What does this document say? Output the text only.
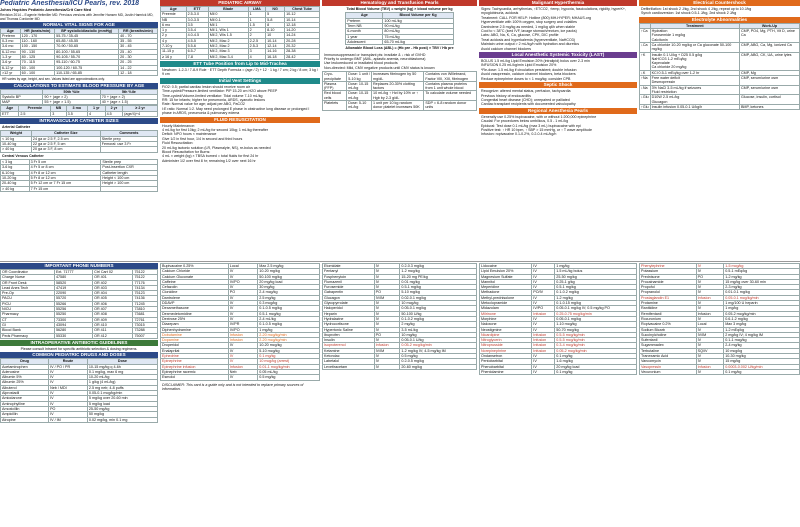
Pediatric Anesthesia/ICU Pearls, rev. 2018
Johns Hopkins Pediatric Anesthesia/Crit Care Med
Revision 2014 – Eugenie Heitmiller MD. Previous versions with Jennifer Hansen MD, Justin Hamrick MD, and Thomas Cordonier MD
NORMAL VITAL SIGNS FOR AGE
Age	HR (beats/min)	BP systolic/diastolic (mmHg)	RR (breaths/min)
Preterm	120 - 170	55-75 / 35-45	40 - 70
0-3 mo	110 - 160	65-85 / 45-55	35 - 55
3-6 mo	100 - 150	70-90 / 50-65	30 - 45
6-12 mo	90 - 130	80-100 / 55-65	25 - 40
1-3 yr	80 - 125	90-105 / 55-70	20 - 30
3-6 yr	70 - 115	95-110 / 60-75	20 - 25
6-12 yr	60 - 100	100-120 / 60-75	14 - 22
>12 yr	60 - 100	110-135 / 65-85	12 - 18
HR varies by age, height, and sex. Values listed are approximations only.
CALCULATIONS TO ESTIMATE BLOOD PRESSURE BY AGE
	50th %ile	5th %ile
Systolic BP	90 + (age × 2)	70 + (age × 2)
MAP	55 + (age × 1.5)	40 + (age × 1.5)
Age	Preemie	NB	3 mo	1 yr	2 yr	≥ 2 yr
ETT	2.5	3	3.5	4	4.5	(age/4)+4
INTRAVASCULAR CATHETER SIZES
Arterial Catheter
Weight	Catheter Size	Comments
< 10 kg	24 ga or 2.5 F, 2.5 cm	Sterile prep
10-40 kg	22 ga or 2.5 F, 5 cm	Femoral: use 3 Fr
> 40 kg	20 ga or 3 F, 8 cm	
Central Venous Catheter
< 3 kg	3 Fr 5 cm	Sterile prep
3-6 kg	4 Fr 5 or 8 cm	Post-insertion CXR
6-10 kg	4 Fr 8 or 12 cm	Catheter length
10-20 kg	5 Fr 8 or 12 cm	Height < 100 cm
20-40 kg	5 Fr 12 cm or 7 Fr 15 cm	Height > 100 cm
> 40 kg	7 Fr 15 cm	
PEDIATRIC AIRWAY
Age	ETT	Blade	LMA	NG	Chest Tube
Preemie	2.5-3.0	Mil 0	1	5	10-12
NB	3.0-3.5	Mil 0-1	1	5-8	10-14
6 mo	3.5	Mil 1	1.5	8	12-18
1 y	3.5-4	Mil 1, Wis 1	2	8-10	14-20
2 y	4.0-4.5	Mil 2, Wis 1.5	2	10	14-24
4 y	4.5-5	Mil 2, Mac 2	2-2.5	10-14	20-28
7-10 y	5.5-6	Mil 2, Mac 2	2.5-3	12-14	20-32
11-15 y	6.5-7	Mil 2, Mac 3	3	14-16	28-38
≥ 16 y	7-8	Mil 2, Mac 3-4	4	16-18	28-42
ETT Tube Position from Lip to Mid-Trachea
Newborn: 1-2-3 / 7-8-9 Rule · ETT Depth Formula = (age / 2) + 12 · 1 kg / 7 cm; 2 kg / 8 cm; 3 kg / 9 cm
Initial Vent Settings
FiO2: 0.5; partial cardiac lesion should receive room air
Time-cycled/Pressure-limited ventilator: PIP 15-20 cm H2O above PEEP
Time-cycled/Volume-limited ventilator: Tidal volume 7-10 mL/kg
RR: 15 for infants; higher for pneumonia, ARDS, cyanotic lesions
Rate: Normal value for age; adjust per ABG, PaCO2
I:E ratio: Normal 1:2. May need prolonged E phase in obstructive lung disease or prolonged I phase in ARDS, pneumonia & pulmonary edema
FLUID RESUSCITATION
Hourly Maintenance:
4 mL/kg for first 10kg; 2 mL/kg for second 10kg; 1 mL/kg thereafter
Deficit: NPO hours × maintenance
Give 1/2 in first hour, 1/4 in second and third hours
Fluid Resuscitation:
20 mL/kg isotonic solution (LR, Plasmalyte, NS), re-bolus as needed
Blood Resuscitation for Burns:
4 mL × weight (kg) × TBSA burned = total fluids for first 24 hr
Administer 1/2 over first 8 hr; remaining 1/2 over next 16 hr
Hematology and Transfusion Pearls
Total Blood Volume (TBV) = weight (kg) × blood volume per kg
Age	Blood Volume per Kg
Preterm	100 mL/kg
Term NB	90 mL/kg
6-month	80 mL/kg
1 year	75 mL/kg
Adolescent	65-70 mL/kg
Allowable Blood Loss (ABL) = (Hb pre - Hb post) × TBV / Hb pre
Immunosuppressed or transplant pts: irradiate & ↓ risk of GVHD
Priority to undergo BMT (AML, aplastic anemia, neuroblastoma)
Use leukoreduced or irradiated blood products
Non-directed: Mild, CMV negative products until CMV status is known
Cryo-precipitate	Dose: 1 unit / 5-10 kg	Increases fibrinogen by 50 mg/dL	Contains von Willebrand, Factor VIII, XIII, fibrinogen
Plasma (FFP)	Dose: 10-15 mL/kg	Replaces 20-30% clotting factors	Contains plasma proteins from 1 unit whole blood
Red blood cells	Dose: 10-15 mL/kg	10 mL/kg ↑ Hct by 10% or ↑ Hgb by 2-3 g/dL	To calculate volume needed
Platelets	Dose: 5-10 mL/kg	1 unit per 10 kg random donor platelet increases 50K	SDP = 6-8 random donor units
Malignant Hyperthermia
Signs: Tachycardia, arrhythmias, ↑ETCO2, ↑temp, hypoxia, fasciculations, rigidity, hyperK+, myoglobinuria, acidosis
Treatment: CALL FOR HELP: Hotline (800) MH-HYPER; MHAUS.org
Hyperventilate with 100% oxygen, stop surgery and volatiles
Dantrolene 2.5 mg/kg as needed, 1 mg/kg q6h when stable
Cool to < 38°C (iced IVF, lavage stomach/rectum, ice packs)
Labs: ABG, Na, K, Ca, glucose, CPK, DIC profile
Treat acidosis and hyperkalemia (hyperventilate, NaHCO3)
Maintain urine output > 2 mL/kg/h with hydration and diuretics
Avoid calcium channel blockers
Local Anesthetic Systemic Toxicity (LAST)
BOLUS 1.5 mL/kg Lipid Emulsion 20% (intralipid) bolus over 2-3 min
INFUSION 0.25 mL/kg/min Lipid Emulsion 20%
*Re-dose: 1.5 mL/kg if circulation persistent; double infusion
Avoid vasopressin, calcium channel blockers, beta blockers
Reduce epinephrine doses to < 1 mcg/kg; consider CPB
Septic Shock
Recognize: altered mental status, perfusion, tachycardia
Previous history of endocarditis
Congenital heart disease (CHD); unrepaired or palliated
Cardiac transplant recipients with documented valvulopathy
Regional Anesthesia Pearls
Generally use 0.25% bupivacaine, with or without 1:200,000 epinephrine
Caudal: For procedures below umbilicus, 0.5 - 1 mL/kg
Epidural: Test dose 0.1 mL/kg (max 3 mL) bupivacaine with epi
Positive test: ↑ HR 10 bpm, ↑ SBP > 15 mmHg, or ↑ T wave amplitude
Infusion: ropivacaine 0.1-0.2%, 0.2-0.4 mL/kg/h
Electrical Countershock
Defibrillation: 1st shock 2 J/kg, 2nd shock 4 J/kg, repeat up to 10 J/kg
Synch cardioversion: 1st shock 0.5-1 J/kg, 2nd shock 2 J/kg
Electrolyte Abnormalities
	Treatment	Work-Up
↑Ca	Hydration
Furosemide 1 mg/kg
Calcitonin	CMP, PO4, Mg, PTH, Vit D, urine Ca
↓Ca	Ca chloride 10-20 mg/kg or Ca gluconate 50-100 mg/kg	CMP, ABG, Ca, Mg, ionized Ca
↑K	Insulin 0.1 U/kg + D25 0.5 g/kg
NaHCO3 1-2 mEq/kg
Kayexalate
Ca chloride 20 mg/kg	CMP, ABG, CK, UA, urine lytes
↓K	KCl 0.5-1 mEq/kg over 1-2 hr	CMP, Mg
↑Na	Free water deficit
Desmopressin	CMP, serum/urine osm
↓Na	3% NaCl 3-5 mL/kg if seizures
Fluid restriction	CMP, serum/urine osm
↓Glu	D10W 2-5 mL/kg
Glucagon	Glucose, insulin, cortisol
↑Glu	Insulin infusion 0.05-0.1 U/kg/h	BMP, ketones
IMPORTANT PHONE NUMBERS
OR Coordinator	Ext. 71777	Ctrl Cart 02	75122
Charge Nurse	47580	OR 401	75122
OR Front Desk	58520	OR 402	77176
Lead Anes Tech	47419	OR 403	74134
Pre-Op	22090	OR 404	75123
PACU	55720	OR 405	74136
PICU	55266	OR 406	71245
NICU	55256	OR 407	73810
Pharmacy	55250	OR 408	73681
CT	73300	OR 409	72761
GI	43094	OR 410	73015
Blood Bank	56280	OR 411	73288
Peds Pharmacy	55330	OR 412	75007
INTRAOPERATIVE ANTIBIOTIC GUIDELINES
Please consult Intranet for specific antibiotic selection & dosing regimens.
COMMON PEDIATRIC DRUGS AND DOSES
Drug	Route	Dose
Acetaminophen	IV / PO / PR	10-15 mg/kg q 4-6h
Adenosine	IV	0.1 mg/kg, max 6 mg
Albumin 5%	IV	10-20 mL/kg
Albumin 25%	IV	1 g/kg (4 mL/kg)
Albuterol	Neb / MDI	2.5 mg neb; 4-8 puffs
Alprostadil	IV	0.05-0.1 mcg/kg/min
Amiodarone	IV	5 mg/kg over 20-60 min
Aminophylline	IV	5 mg/kg load
Amoxicillin	PO	25-50 mg/kg
Ampicillin	IV	50 mg/kg
Atropine	IV / IM	0.02 mg/kg, min 0.1 mg
Bupivacaine 0.25%	Local	Max 2.5 mg/kg
Calcium Chloride	IV	10-20 mg/kg
Calcium Gluconate	IV	50-100 mg/kg
Caffeine	IV/PO	20 mg/kg load
Cefazolin	IV	30 mg/kg
Clonidine	PO	2-4 mcg/kg
Dantrolene	IV	2.5 mg/kg
DDAVP	IV	0.3 mcg/kg
Dexamethasone	IV	0.1-0.5 mg/kg
Dexmedetomidine	IV	0.5-1 mcg/kg
Dextrose 25%	IV	2-4 mL/kg
Diazepam	IV/PR	0.1-0.5 mg/kg
Diphenhydramine	IV/PO	1 mg/kg
Dobutamine	Infusion	2-20 mcg/kg/min
Dopamine	Infusion	2-20 mcg/kg/min
Droperidol	IV	10-20 mcg/kg
Enalaprilat	IV	5-10 mcg/kg
Ephedrine	IV	0.1 mg/kg
Epinephrine	IV	10 mcg/kg (arrest)
Epinephrine infusion	Infusion	0.01-1 mcg/kg/min
Epinephrine racemic	Neb	0.05 mL/kg
Esmolol	IV	0.5 mg/kg
DISCLAIMER: This card is a guide only and is not intended to replace primary sources of information.
Etomidate	IV	0.2-0.3 mg/kg
Fentanyl	IV	1-2 mcg/kg
Fosphenytoin	IV	15-20 mg PE/kg
Flumazenil	IV	0.01 mg/kg
Furosemide	IV	0.5-1 mg/kg
Gabapentin	PO	5-10 mg/kg
Glucagon	IV/IM	0.02-0.1 mg/kg
Glycopyrrolate	IV	10 mcg/kg
Haloperidol	IV	0.05-0.1 mg/kg
Heparin	IV	50-100 U/kg
Hydralazine	IV	0.1-0.2 mg/kg
Hydrocortisone	IV	2 mg/kg
Hypertonic Saline	IV	3-5 mL/kg
Ibuprofen	PO	10 mg/kg
Insulin	IV	0.05-0.1 U/kg
Isoproterenol	Infusion	0.05-2 mcg/kg/min
Ketamine	IV/IM	1-2 mg/kg IV; 4-5 mg/kg IM
Ketorolac	IV	0.5 mg/kg
Labetalol	IV	0.2-0.5 mg/kg
Levetiracetam	IV	20-60 mg/kg
Lidocaine	IV	1 mg/kg
Lipid Emulsion 20%	IV	1.5 mL/kg bolus
Magnesium Sulfate	IV	25-50 mg/kg
Mannitol	IV	0.25-1 g/kg
Meperidine	IV	0.5-1 mg/kg
Methadone	PO/IV	0.1-0.2 mg/kg
Methyl-prednisolone	IV	1-2 mg/kg
Metoclopramide	IV	0.1-0.15 mg/kg
Midazolam	IV/PO	0.05-0.1 mg/kg IV; 0.5 mg/kg PO
Milrinone	Infusion	0.25-0.75 mcg/kg/min
Morphine	IV	0.05-0.1 mg/kg
Naloxone	IV	1-10 mcg/kg
Neostigmine	IV	50-70 mcg/kg
Nicardipine	Infusion	0.5-5 mcg/kg/min
Nitroglycerin	Infusion	0.5-5 mcg/kg/min
Nitroprusside	Infusion	0.3-4 mcg/kg/min
Norepinephrine	Infusion	0.05-2 mcg/kg/min
Ondansetron	IV	0.1 mg/kg
Pentobarbital	IV	1-6 mg/kg
Phenobarbital	IV	20 mg/kg load
Phentolamine	IV	0.1 mg/kg
Phenylephrine	IV	1-5 mcg/kg
Potassium	IV	0.5-1 mEq/kg
Prednisone	PO	1-2 mg/kg
Procainamide	IV	15 mg/kg over 30-60 min
Propofol	IV	2-3 mg/kg
Propranolol	IV	0.01-0.1 mg/kg
Prostaglandin E1	Infusion	0.05-0.1 mcg/kg/min
Protamine	IV	1 mg/100 U heparin
Ranitidine	IV	1 mg/kg
Remifentanil	Infusion	0.05-2 mcg/kg/min
Rocuronium	IV	0.6-1.2 mg/kg
Ropivacaine 0.2%	Local	Max 3 mg/kg
Sodium Bicarb	IV	1-2 mEq/kg
Succinylcholine	IV/IM	2 mg/kg IV; 4 mg/kg IM
Sufentanil	IV	0.1-1 mcg/kg
Sugammadex	IV	2-4 mg/kg
Terbutaline	SQ/IV	10 mcg/kg
Tranexamic Acid	IV	10-30 mg/kg
Vancomycin	IV	15 mg/kg
Vasopressin	Infusion	0.0003-0.002 U/kg/min
Vecuronium	IV	0.1 mg/kg
